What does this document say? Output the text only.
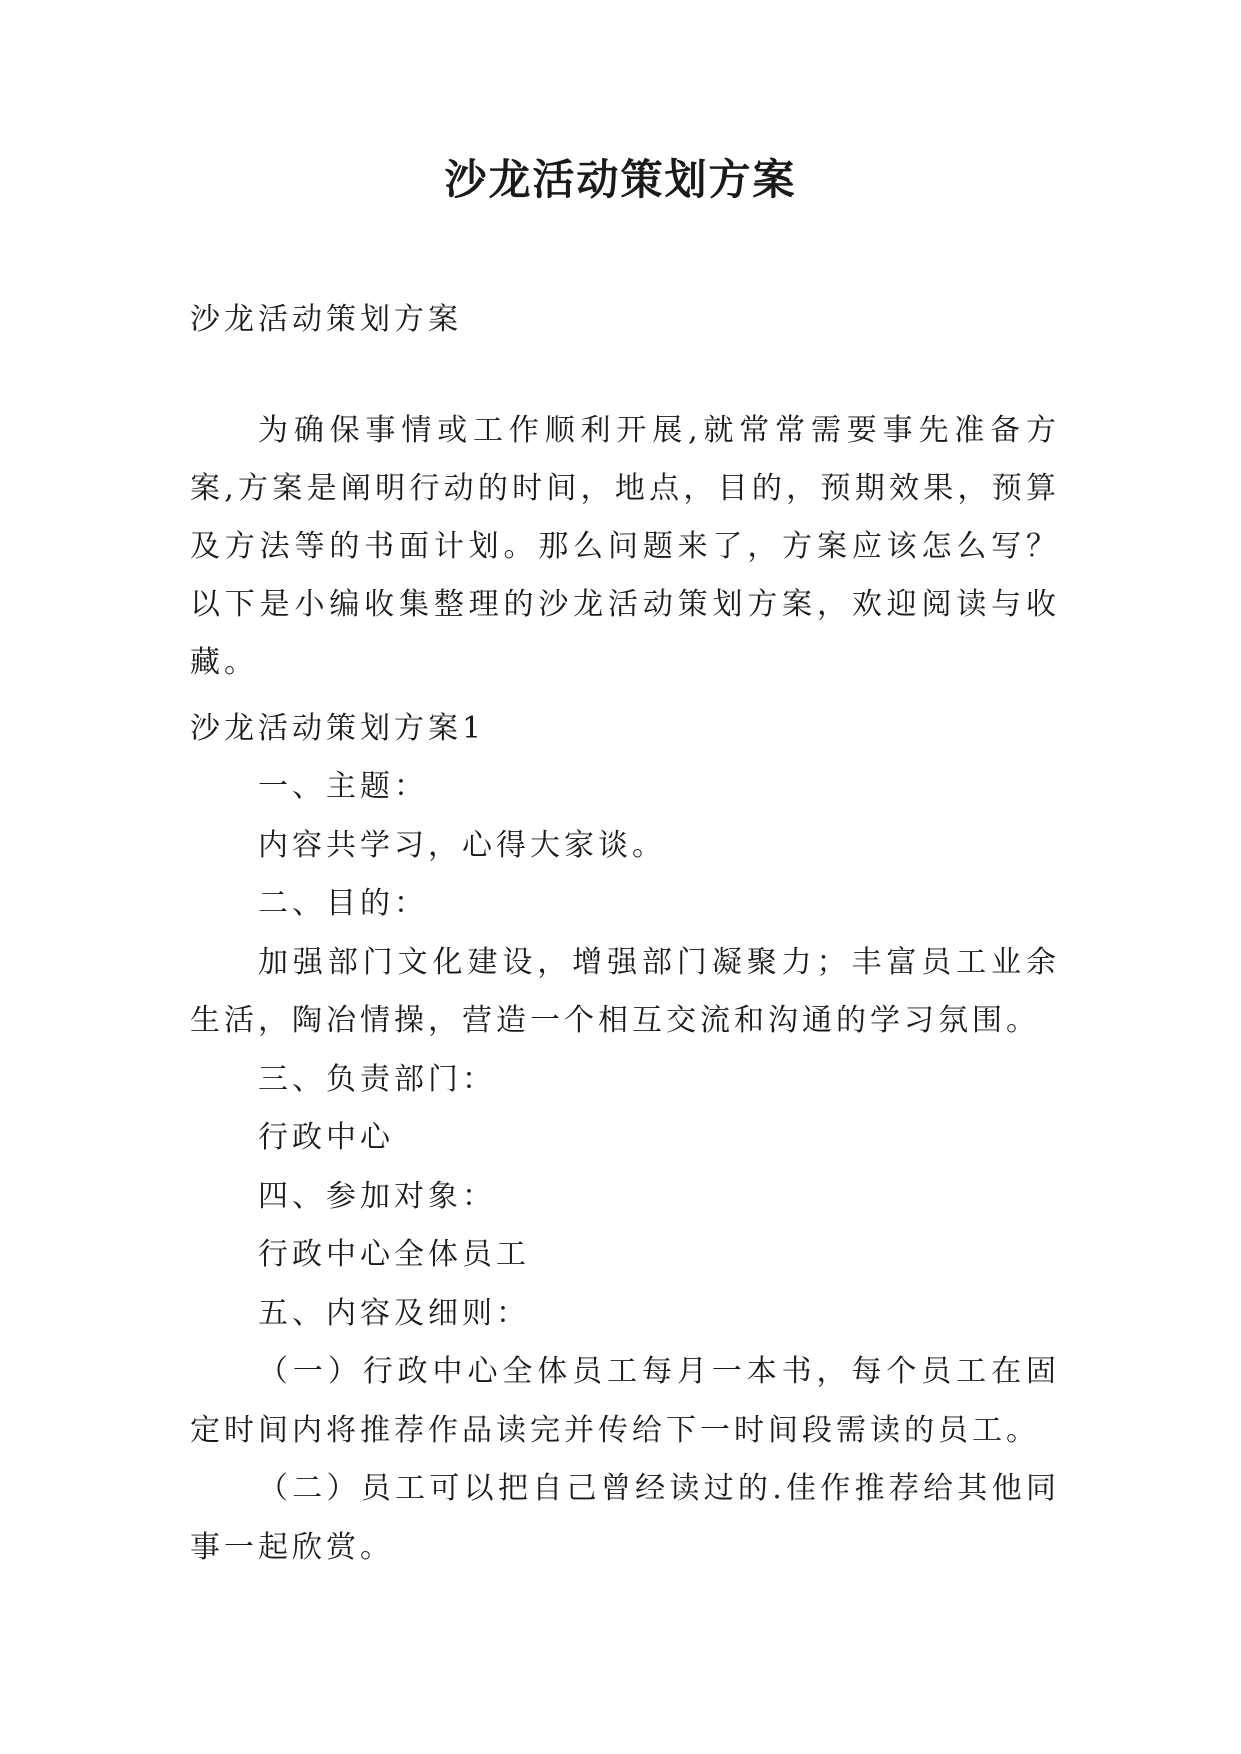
沙龙活动策划方案

沙龙活动策划方案

为确保事情或工作顺利开展,就常常需要事先准备方案,方案是阐明行动的时间，地点，目的，预期效果，预算及方法等的书面计划。那么问题来了，方案应该怎么写？以下是小编收集整理的沙龙活动策划方案，欢迎阅读与收藏。

沙龙活动策划方案1

一、主题：

内容共学习，心得大家谈。

二、目的：

加强部门文化建设，增强部门凝聚力；丰富员工业余生活，陶冶情操，营造一个相互交流和沟通的学习氛围。

三、负责部门：

行政中心

四、参加对象：

行政中心全体员工

五、内容及细则：

（一）行政中心全体员工每月一本书，每个员工在固定时间内将推荐作品读完并传给下一时间段需读的员工。

（二）员工可以把自己曾经读过的.佳作推荐给其他同事一起欣赏。
